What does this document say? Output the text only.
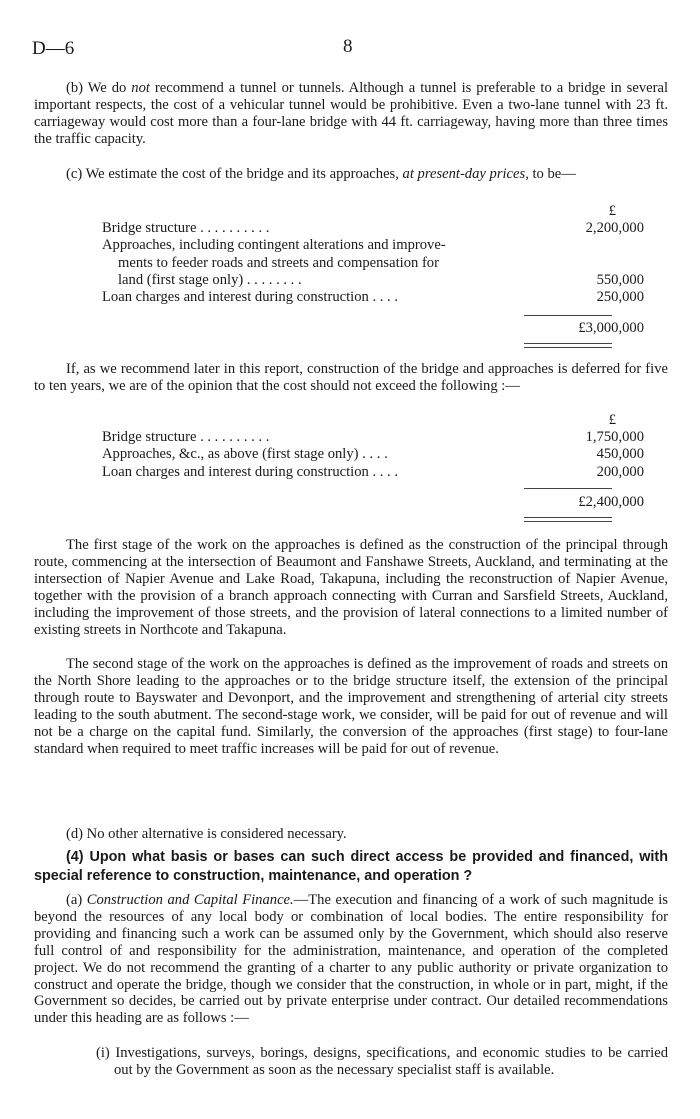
D—6	8

(b) We do not recommend a tunnel or tunnels. Although a tunnel is preferable to a bridge in several important respects, the cost of a vehicular tunnel would be prohibitive. Even a two-lane tunnel with 23 ft. carriageway would cost more than a four-lane bridge with 44 ft. carriageway, having more than three times the traffic capacity.

(c) We estimate the cost of the bridge and its approaches, at present-day prices, to be—

£
Bridge structure . . . . . . . . . .	2,200,000
Approaches, including contingent alterations and improve-
ments to feeder roads and streets and compensation for
land (first stage only) . . . . . . . .	550,000
Loan charges and interest during construction . . . .	250,000
£3,000,000

If, as we recommend later in this report, construction of the bridge and approaches is deferred for five to ten years, we are of the opinion that the cost should not exceed the following :—

£
Bridge structure . . . . . . . . . .	1,750,000
Approaches, &c., as above (first stage only) . . . .	450,000
Loan charges and interest during construction . . . .	200,000
£2,400,000

The first stage of the work on the approaches is defined as the construction of the principal through route, commencing at the intersection of Beaumont and Fanshawe Streets, Auckland, and terminating at the intersection of Napier Avenue and Lake Road, Takapuna, including the reconstruction of Napier Avenue, together with the provision of a branch approach connecting with Curran and Sarsfield Streets, Auckland, including the improvement of those streets, and the provision of lateral connections to a limited number of existing streets in Northcote and Takapuna.

The second stage of the work on the approaches is defined as the improvement of roads and streets on the North Shore leading to the approaches or to the bridge structure itself, the extension of the principal through route to Bayswater and Devonport, and the improvement and strengthening of arterial city streets leading to the south abutment. The second-stage work, we consider, will be paid for out of revenue and will not be a charge on the capital fund. Similarly, the conversion of the approaches (first stage) to four-lane standard when required to meet traffic increases will be paid for out of revenue.

(d) No other alternative is considered necessary.

(4) Upon what basis or bases can such direct access be provided and financed, with special reference to construction, maintenance, and operation ?

(a) Construction and Capital Finance.—The execution and financing of a work of such magnitude is beyond the resources of any local body or combination of local bodies. The entire responsibility for providing and financing such a work can be assumed only by the Government, which should also reserve full control of and responsibility for the administration, maintenance, and operation of the completed project. We do not recommend the granting of a charter to any public authority or private organization to construct and operate the bridge, though we consider that the construction, in whole or in part, might, if the Government so decides, be carried out by private enterprise under contract. Our detailed recommendations under this heading are as follows :—

(i) Investigations, surveys, borings, designs, specifications, and economic studies to be carried out by the Government as soon as the necessary specialist staff is available.
